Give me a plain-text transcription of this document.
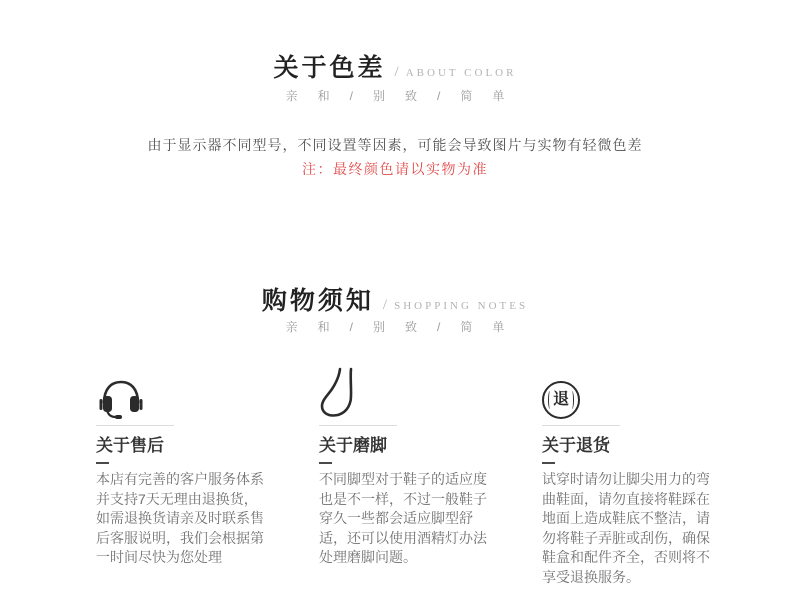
关于色差 / ABOUT COLOR
亲和/别致/简单

由于显示器不同型号，不同设置等因素，可能会导致图片与实物有轻微色差

注：最终颜色请以实物为准

购物须知 / SHOPPING NOTES
亲和/别致/简单
关于售后

本店有完善的客户服务体系并支持7天无理由退换货，如需退换货请亲及时联系售后客服说明，我们会根据第一时间尽快为您处理

关于磨脚

不同脚型对于鞋子的适应度也是不一样，不过一般鞋子穿久一些都会适应脚型舒适，还可以使用酒精灯办法处理磨脚问题。

退
关于退货

试穿时请勿让脚尖用力的弯曲鞋面，请勿直接将鞋踩在地面上造成鞋底不整洁，请勿将鞋子弄脏或刮伤，确保鞋盒和配件齐全，否则将不享受退换服务。
